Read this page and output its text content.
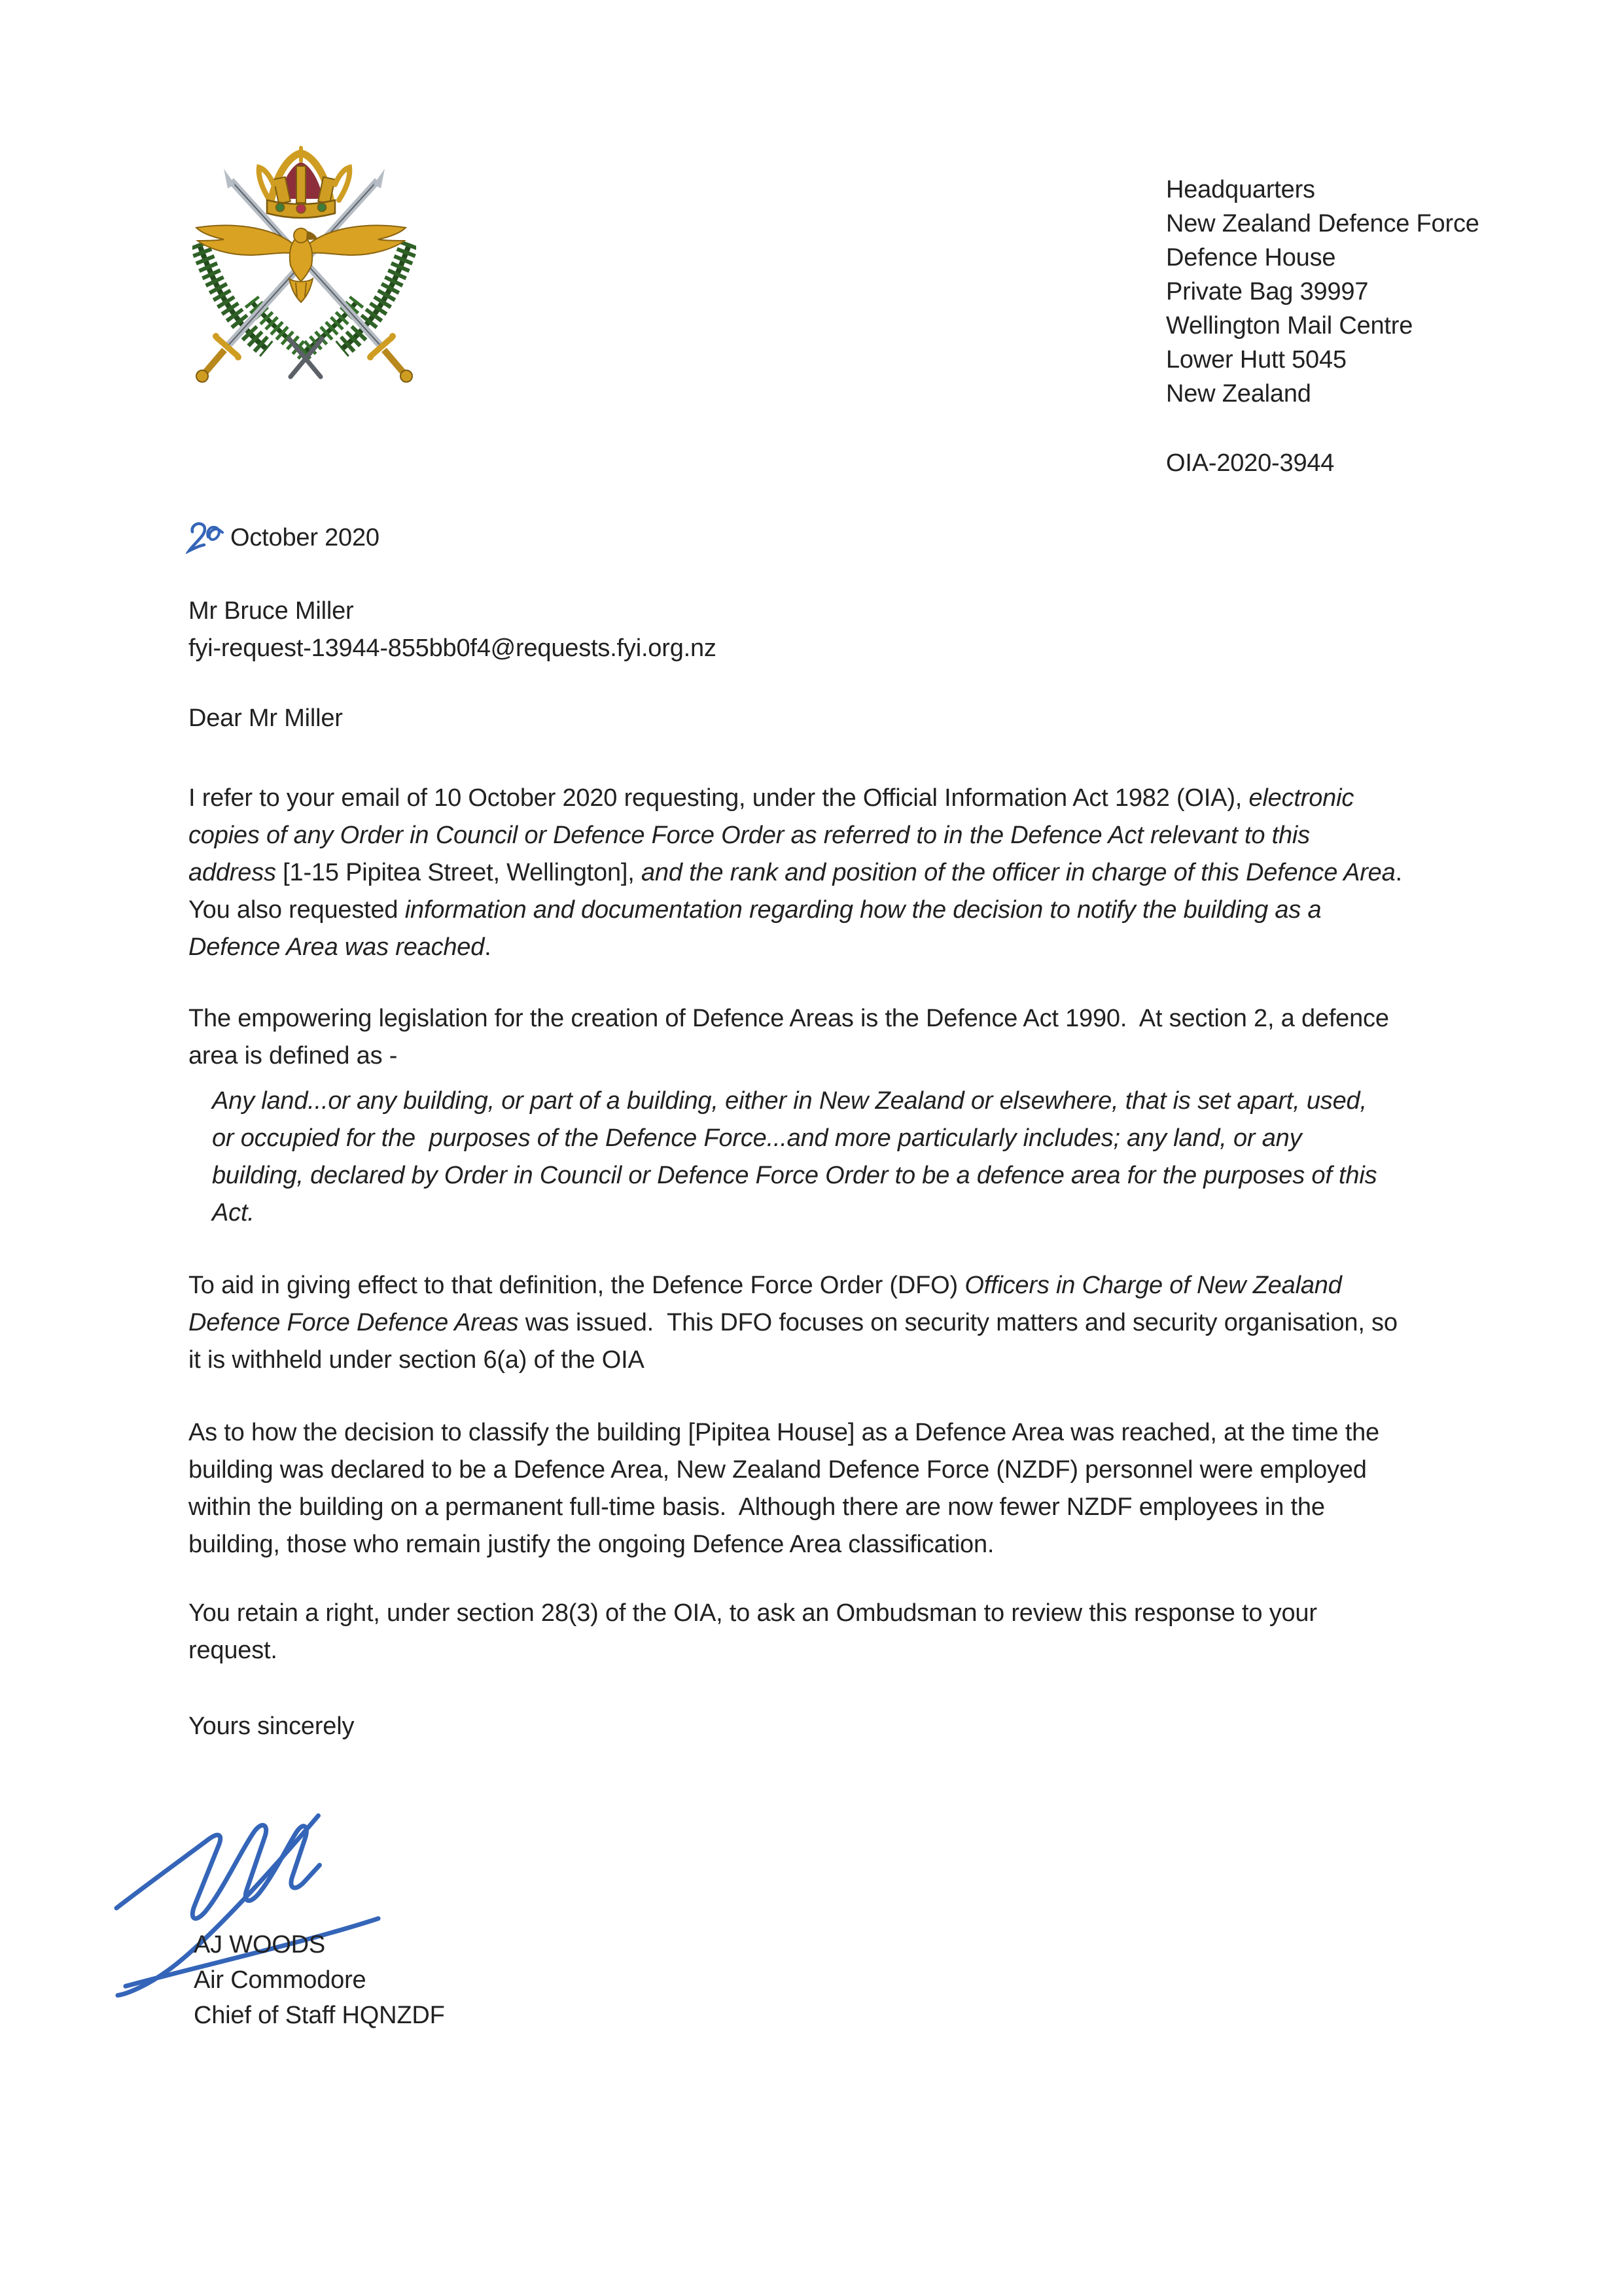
Headquarters
New Zealand Defence Force
Defence House
Private Bag 39997
Wellington Mail Centre
Lower Hutt 5045
New Zealand
OIA-2020-3944
October 2020
Mr Bruce Miller
fyi-request-13944-855bb0f4@requests.fyi.org.nz
Dear Mr Miller

I refer to your email of 10 October 2020 requesting, under the Official Information Act 1982 (OIA), electronic copies of any Order in Council or Defence Force Order as referred to in the Defence Act relevant to this address [1-15 Pipitea Street, Wellington], and the rank and position of the officer in charge of this Defence Area.  You also requested information and documentation regarding how the decision to notify the building as a Defence Area was reached.

The empowering legislation for the creation of Defence Areas is the Defence Act 1990.  At section 2, a defence area is defined as -

Any land...or any building, or part of a building, either in New Zealand or elsewhere, that is set apart, used, or occupied for the  purposes of the Defence Force...and more particularly includes; any land, or any building, declared by Order in Council or Defence Force Order to be a defence area for the purposes of this Act.

To aid in giving effect to that definition, the Defence Force Order (DFO) Officers in Charge of New Zealand Defence Force Defence Areas was issued.  This DFO focuses on security matters and security organisation, so it is withheld under section 6(a) of the OIA

As to how the decision to classify the building [Pipitea House] as a Defence Area was reached, at the time the building was declared to be a Defence Area, New Zealand Defence Force (NZDF) personnel were employed within the building on a permanent full-time basis.  Although there are now fewer NZDF employees in the building, those who remain justify the ongoing Defence Area classification.

You retain a right, under section 28(3) of the OIA, to ask an Ombudsman to review this response to your request.

Yours sincerely
AJ WOODS
Air Commodore
Chief of Staff HQNZDF
